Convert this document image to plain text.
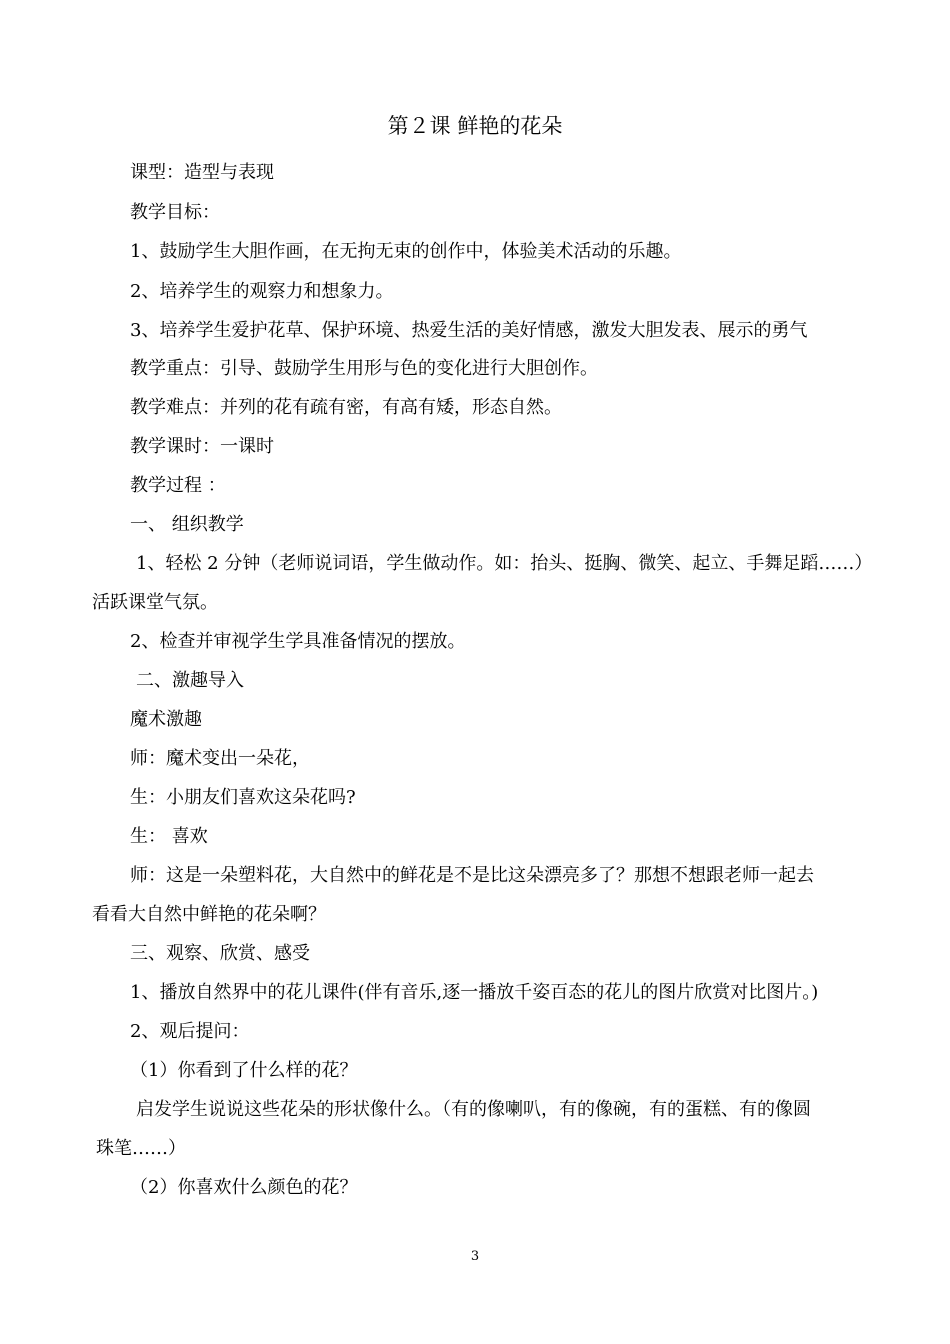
第２课 鲜艳的花朵
课型：造型与表现
教学目标：
1、鼓励学生大胆作画，在无拘无束的创作中，体验美术活动的乐趣。
2、培养学生的观察力和想象力。
3、培养学生爱护花草、保护环境、热爱生活的美好情感，激发大胆发表、展示的勇气
教学重点：引导、鼓励学生用形与色的变化进行大胆创作。
教学难点：并列的花有疏有密，有高有矮，形态自然。
教学课时：一课时
教学过程 ：
一、 组织教学
1、轻松 2 分钟（老师说词语，学生做动作。如：抬头、挺胸、微笑、起立、手舞足蹈……）
活跃课堂气氛。
2、检查并审视学生学具准备情况的摆放。
二、激趣导入
魔术激趣
师：魔术变出一朵花，
生：小朋友们喜欢这朵花吗?
生： 喜欢
师：这是一朵塑料花，大自然中的鲜花是不是比这朵漂亮多了？那想不想跟老师一起去
看看大自然中鲜艳的花朵啊？
三、观察、欣赏、感受
1、播放自然界中的花儿课件(伴有音乐,逐一播放千姿百态的花儿的图片欣赏对比图片。)
2、观后提问：
（1）你看到了什么样的花？
启发学生说说这些花朵的形状像什么。（有的像喇叭，有的像碗，有的蛋糕、有的像圆
珠笔……）
（2）你喜欢什么颜色的花？
3
